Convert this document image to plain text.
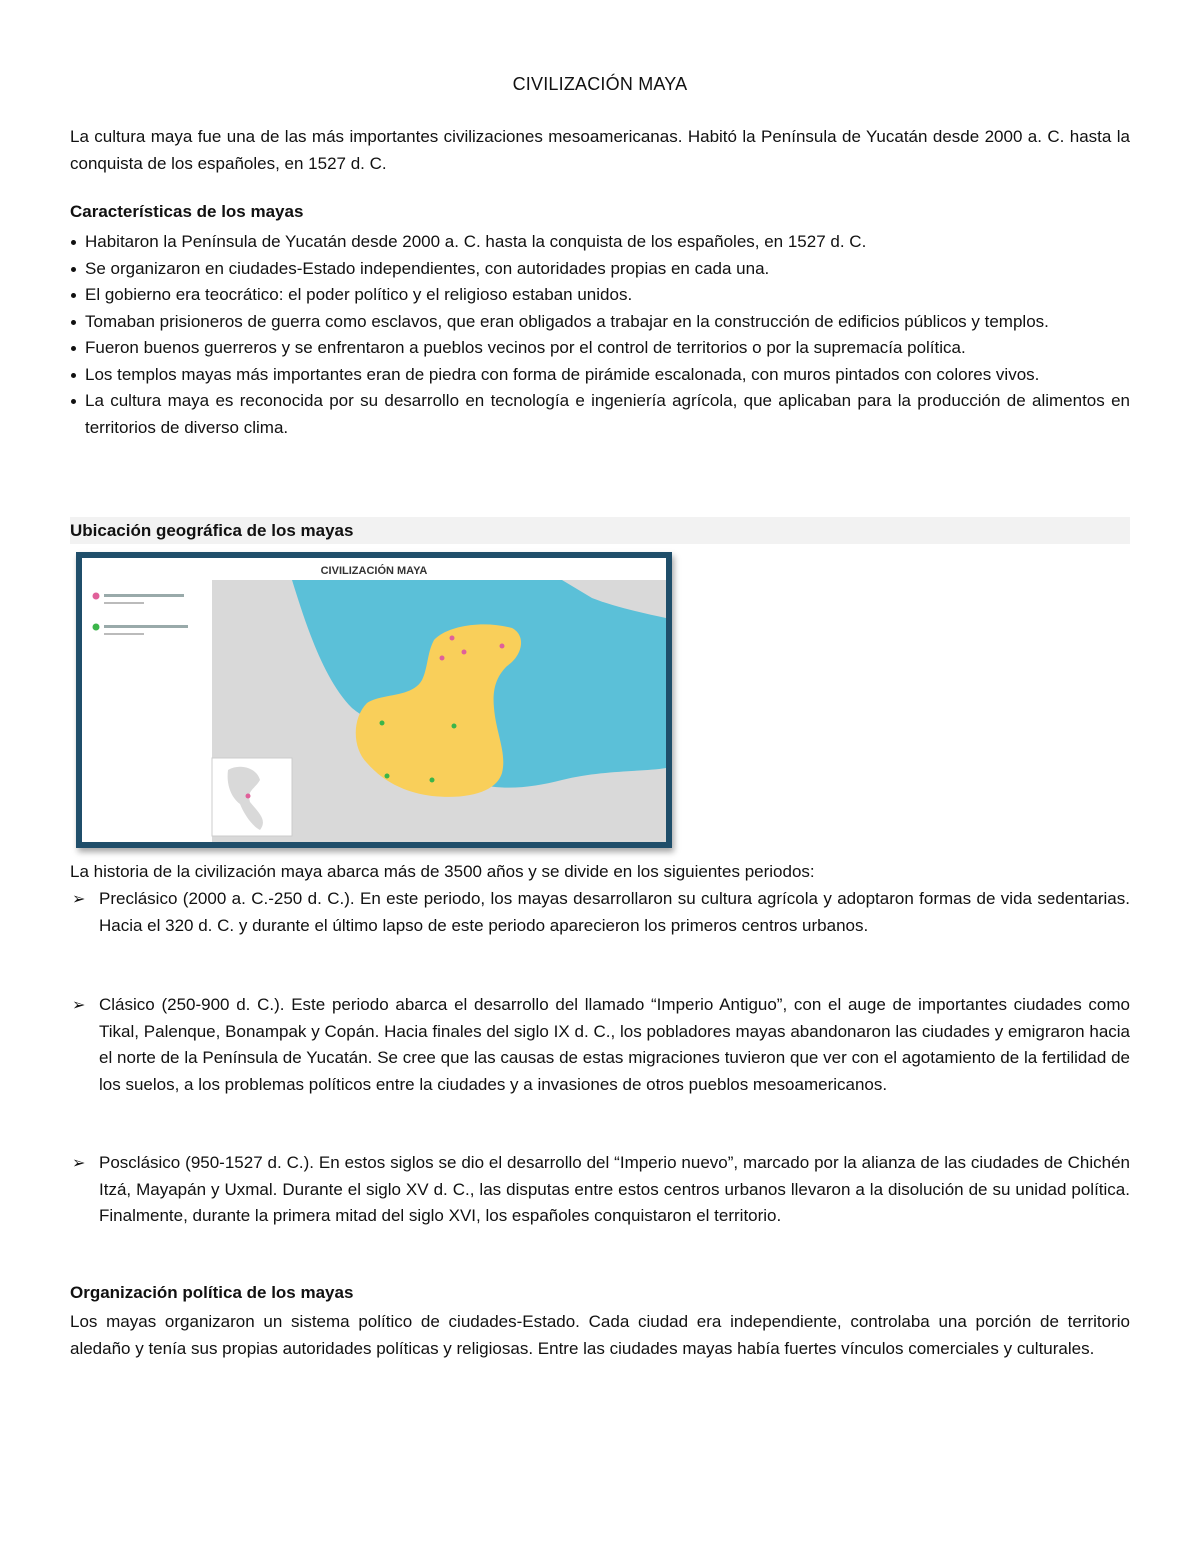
CIVILIZACIÓN MAYA

La cultura maya fue una de las más importantes civilizaciones mesoamericanas. Habitó la Península de Yucatán desde 2000 a. C. hasta la conquista de los españoles, en 1527 d. C.

Características de los mayas
Habitaron la Península de Yucatán desde 2000 a. C. hasta la conquista de los españoles, en 1527 d. C.
Se organizaron en ciudades-Estado independientes, con autoridades propias en cada una.
El gobierno era teocrático: el poder político y el religioso estaban unidos.
Tomaban prisioneros de guerra como esclavos, que eran obligados a trabajar en la construcción de edificios públicos y templos.
Fueron buenos guerreros y se enfrentaron a pueblos vecinos por el control de territorios o por la supremacía política.
Los templos mayas más importantes eran de piedra con forma de pirámide escalonada, con muros pintados con colores vivos.
La cultura maya es reconocida por su desarrollo en tecnología e ingeniería agrícola, que aplicaban para la producción de alimentos en territorios de diverso clima.
Ubicación geográfica de los mayas
CIVILIZACIÓN MAYA

La historia de la civilización maya abarca más de 3500 años y se divide en los siguientes periodos:

➢ Preclásico (2000 a. C.-250 d. C.). En este periodo, los mayas desarrollaron su cultura agrícola y adoptaron formas de vida sedentarias. Hacia el 320 d. C. y durante el último lapso de este periodo aparecieron los primeros centros urbanos.

➢ Clásico (250-900 d. C.). Este periodo abarca el desarrollo del llamado “Imperio Antiguo”, con el auge de importantes ciudades como Tikal, Palenque, Bonampak y Copán. Hacia finales del siglo IX d. C., los pobladores mayas abandonaron las ciudades y emigraron hacia el norte de la Península de Yucatán. Se cree que las causas de estas migraciones tuvieron que ver con el agotamiento de la fertilidad de los suelos, a los problemas políticos entre la ciudades y a invasiones de otros pueblos mesoamericanos.

➢ Posclásico (950-1527 d. C.). En estos siglos se dio el desarrollo del “Imperio nuevo”, marcado por la alianza de las ciudades de Chichén Itzá, Mayapán y Uxmal. Durante el siglo XV d. C., las disputas entre estos centros urbanos llevaron a la disolución de su unidad política. Finalmente, durante la primera mitad del siglo XVI, los españoles conquistaron el territorio.

Organización política de los mayas

Los mayas organizaron un sistema político de ciudades-Estado. Cada ciudad era independiente, controlaba una porción de territorio aledaño y tenía sus propias autoridades políticas y religiosas. Entre las ciudades mayas había fuertes vínculos comerciales y culturales.
